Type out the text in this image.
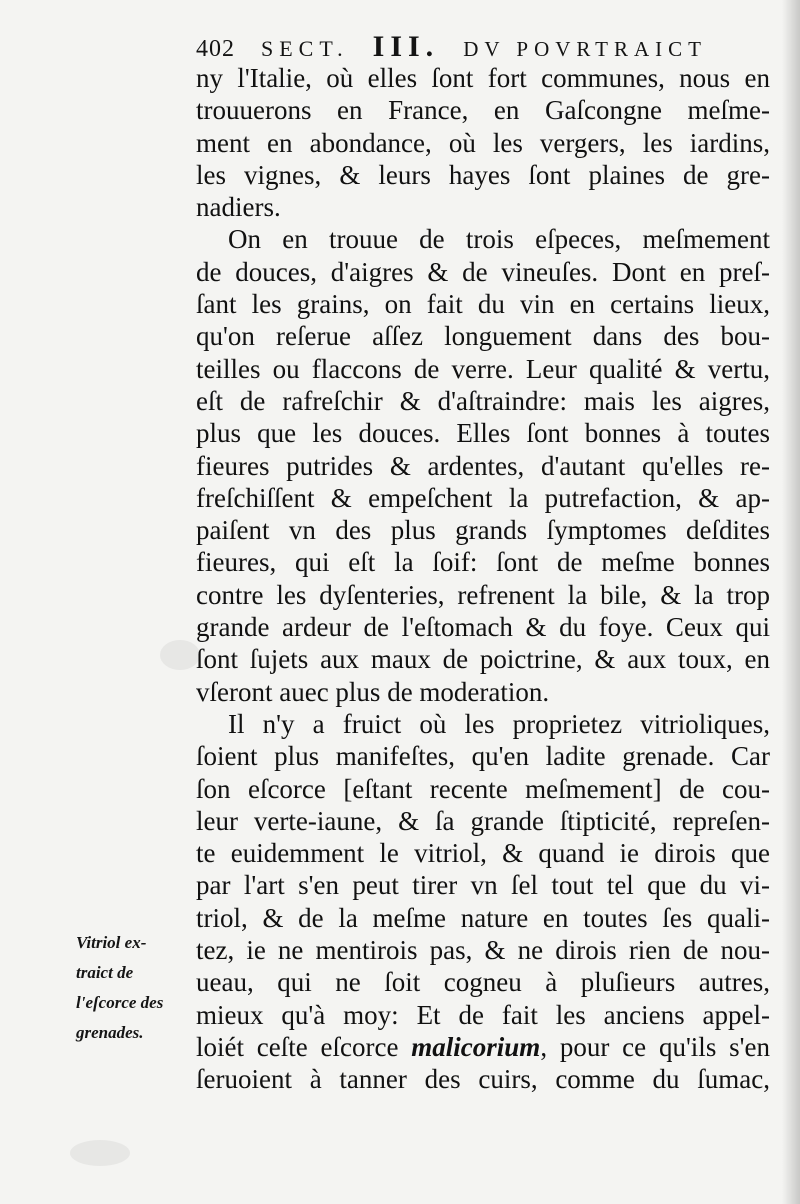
402 SECT. III. DV POVRTRAICT
ny l'Italie, où elles ſont fort communes, nous en
trouuerons en France, en Gaſcongne meſme-
ment en abondance, où les vergers, les iardins,
les vignes, & leurs hayes ſont plaines de gre-
nadiers.
On en trouue de trois eſpeces, meſmement
de douces, d'aigres & de vineuſes. Dont en preſ-
ſant les grains, on fait du vin en certains lieux,
qu'on reſerue aſſez longuement dans des bou-
teilles ou flaccons de verre. Leur qualité & vertu,
eſt de rafreſchir & d'aſtraindre: mais les aigres,
plus que les douces. Elles ſont bonnes à toutes
fieures putrides & ardentes, d'autant qu'elles re-
freſchiſſent & empeſchent la putrefaction, & ap-
paiſent vn des plus grands ſymptomes deſdites
fieures, qui eſt la ſoif: ſont de meſme bonnes
contre les dyſenteries, refrenent la bile, & la trop
grande ardeur de l'eſtomach & du foye. Ceux qui
ſont ſujets aux maux de poictrine, & aux toux, en
vſeront auec plus de moderation.
Il n'y a fruict où les proprietez vitrioliques,
ſoient plus manifeſtes, qu'en ladite grenade. Car
ſon eſcorce [eſtant recente meſmement] de cou-
leur verte-iaune, & ſa grande ſtipticité, repreſen-
te euidemment le vitriol, & quand ie dirois que
par l'art s'en peut tirer vn ſel tout tel que du vi-
triol, & de la meſme nature en toutes ſes quali-
tez, ie ne mentirois pas, & ne dirois rien de nou-
ueau, qui ne ſoit cogneu à pluſieurs autres,
mieux qu'à moy: Et de fait les anciens appel-
loiét ceſte eſcorce malicorium, pour ce qu'ils s'en
ſeruoient à tanner des cuirs, comme du ſumac,
Vitriol ex-
traict de
l'eſcorce des
grenades.
